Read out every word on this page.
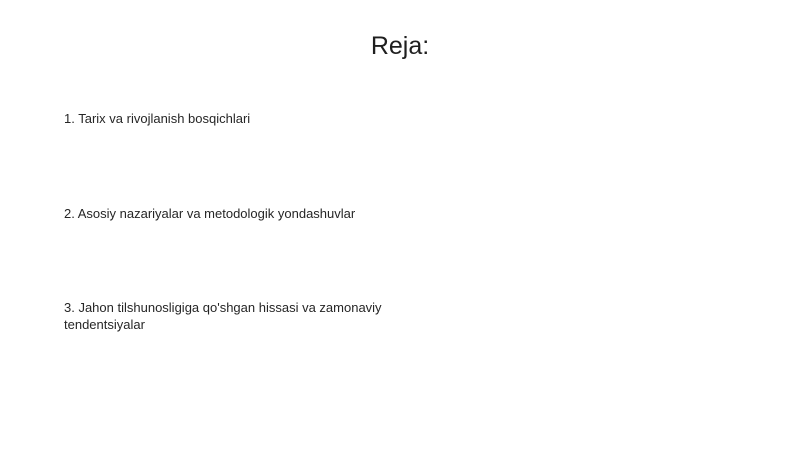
Reja:
1. Tarix va rivojlanish bosqichlari
2. Asosiy nazariyalar va metodologik yondashuvlar
3. Jahon tilshunosligiga qo'shgan hissasi va zamonaviy tendentsiyalar
